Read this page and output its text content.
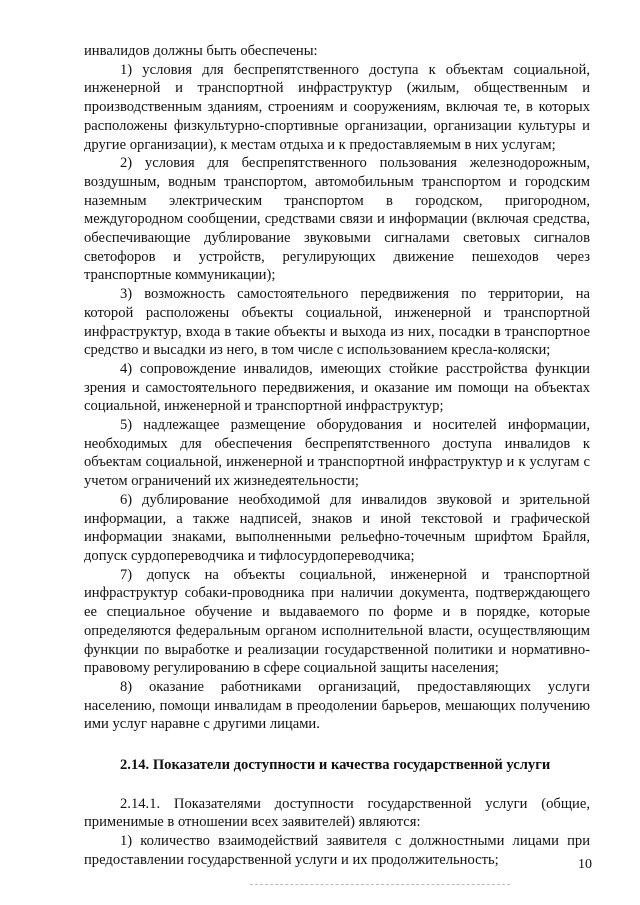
инвалидов должны быть обеспечены:

1) условия для беспрепятственного доступа к объектам социальной, инженерной и транспортной инфраструктур (жилым, общественным и производственным зданиям, строениям и сооружениям, включая те, в которых расположены физкультурно-спортивные организации, организации культуры и другие организации), к местам отдыха и к предоставляемым в них услугам;

2) условия для беспрепятственного пользования железнодорожным, воздушным, водным транспортом, автомобильным транспортом и городским наземным электрическим транспортом в городском, пригородном, междугородном сообщении, средствами связи и информации (включая средства, обеспечивающие дублирование звуковыми сигналами световых сигналов светофоров и устройств, регулирующих движение пешеходов через транспортные коммуникации);

3) возможность самостоятельного передвижения по территории, на которой расположены объекты социальной, инженерной и транспортной инфраструктур, входа в такие объекты и выхода из них, посадки в транспортное средство и высадки из него, в том числе с использованием кресла-коляски;

4) сопровождение инвалидов, имеющих стойкие расстройства функции зрения и самостоятельного передвижения, и оказание им помощи на объектах социальной, инженерной и транспортной инфраструктур;

5) надлежащее размещение оборудования и носителей информации, необходимых для обеспечения беспрепятственного доступа инвалидов к объектам социальной, инженерной и транспортной инфраструктур и к услугам с учетом ограничений их жизнедеятельности;

6) дублирование необходимой для инвалидов звуковой и зрительной информации, а также надписей, знаков и иной текстовой и графической информации знаками, выполненными рельефно-точечным шрифтом Брайля, допуск сурдопереводчика и тифлосурдопереводчика;

7) допуск на объекты социальной, инженерной и транспортной инфраструктур собаки-проводника при наличии документа, подтверждающего ее специальное обучение и выдаваемого по форме и в порядке, которые определяются федеральным органом исполнительной власти, осуществляющим функции по выработке и реализации государственной политики и нормативно-правовому регулированию в сфере социальной защиты населения;

8) оказание работниками организаций, предоставляющих услуги населению, помощи инвалидам в преодолении барьеров, мешающих получению ими услуг наравне с другими лицами.

2.14. Показатели доступности и качества государственной услуги

2.14.1. Показателями доступности государственной услуги (общие, применимые в отношении всех заявителей) являются:

1) количество взаимодействий заявителя с должностными лицами при предоставлении государственной услуги и их продолжительность;	10
